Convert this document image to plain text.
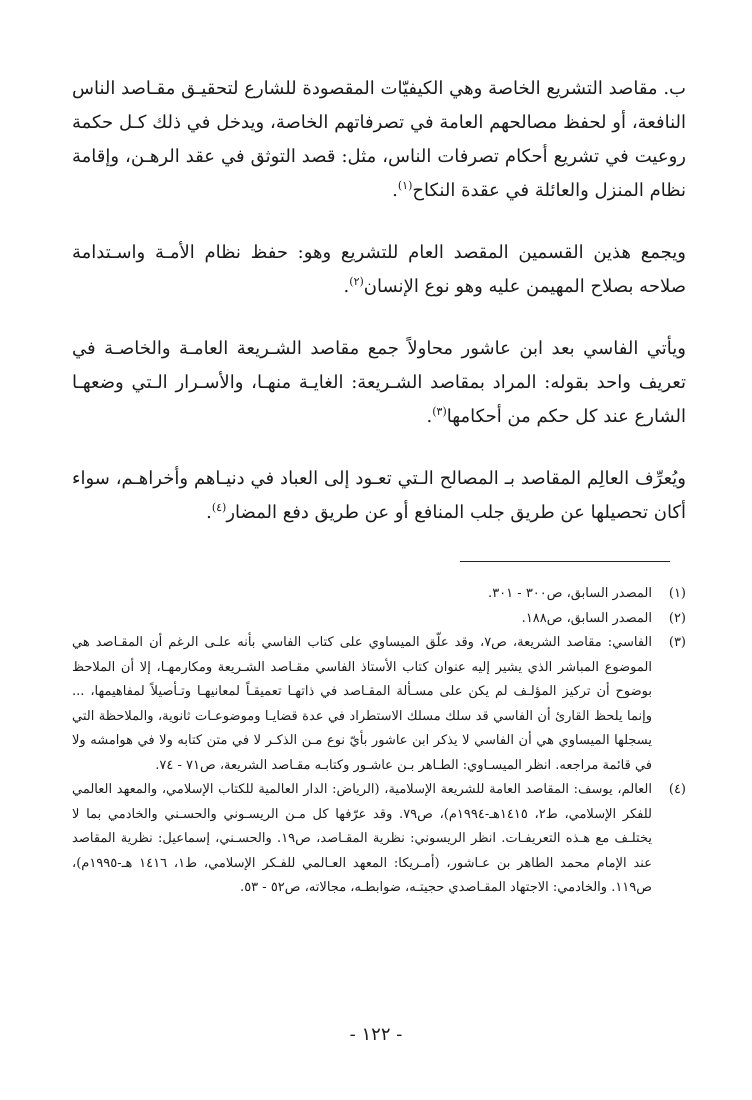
ب. مقاصد التشريع الخاصة وهي الكيفيّات المقصودة للشارع لتحقيـق مقـاصد الناس النافعة، أو لحفظ مصالحهم العامة في تصرفاتهم الخاصة، ويدخل في ذلك كـل حكمة روعيت في تشريع أحكام تصرفات الناس، مثل: قصد التوثق في عقد الرهـن، وإقامة نظام المنزل والعائلة في عقدة النكاح$^{(١)}$.

ويجمع هذين القسمين المقصد العام للتشريع وهو: حفظ نظام الأمـة واسـتدامة صلاحه بصلاح المهيمن عليه وهو نوع الإنسان$^{(٢)}$.

ويأتي الفاسي بعد ابن عاشور محاولاً جمع مقاصد الشـريعة العامـة والخاصـة في تعريف واحد بقوله: المراد بمقاصد الشـريعة: الغايـة منهـا، والأسـرار الـتي وضعهـا الشارع عند كل حكم من أحكامها$^{(٣)}$.

ويُعرِّف العالِم المقاصد بـ المصالح الـتي تعـود إلى العباد في دنيـاهم وأخراهـم، سواء أكان تحصيلها عن طريق جلب المنافع أو عن طريق دفع المضار$^{(٤)}$.

(١)
المصدر السابق، ص٣٠٠ - ٣٠١.
(٢)
المصدر السابق، ص١٨٨.
(٣)
الفاسي: مقاصد الشريعة، ص٧، وقد علّق الميساوي على كتاب الفاسي بأنه علـى الرغم أن المقـاصد هي الموضوع المباشر الذي يشير إليه عنوان كتاب الأستاذ الفاسي مقـاصد الشـريعة ومكارمهـا، إلا أن الملاحظ بوضوح أن تركيز المؤلـف لم يكن على مسـألة المقـاصد في ذاتهـا تعميقـاً لمعانيهـا وتـأصيلاً لمفاهيمها، ... وإنما يلحظ القارئ أن الفاسي قد سلك مسلك الاستطراد في عدة قضايـا وموضوعـات ثانوية، والملاحظة التي يسجلها الميساوي هي أن الفاسي لا يذكر ابن عاشور بأيّ نوع مـن الذكـر لا في متن كتابه ولا في هوامشه ولا في قائمة مراجعه. انظر الميسـاوي: الطـاهر بـن عاشـور وكتابـه مقـاصد الشريعة، ص٧١ - ٧٤.
(٤)
العالم، يوسف: المقاصد العامة للشريعة الإسلامية، (الرياض: الدار العالمية للكتاب الإسلامي، والمعهد العالمي للفكر الإسلامي، ط٢، ١٤١٥هـ-١٩٩٤م)، ص٧٩. وقد عرّفها كل مـن الريسـوني والحسـني والخادمي بما لا يختلـف مع هـذه التعريفـات. انظر الريسوني: نظرية المقـاصد، ص١٩. والحسـني، إسماعيل: نظرية المقاصد عند الإمام محمد الطاهر بن عـاشور، (أمـريكا: المعهد العـالمي للفـكر الإسلامي، ط١، ١٤١٦ هـ-١٩٩٥م)، ص١١٩. والخادمي: الاجتهاد المقـاصدي حجيتـه، ضوابطـه، مجالاته، ص٥٢ - ٥٣.
- ١٢٢ -
